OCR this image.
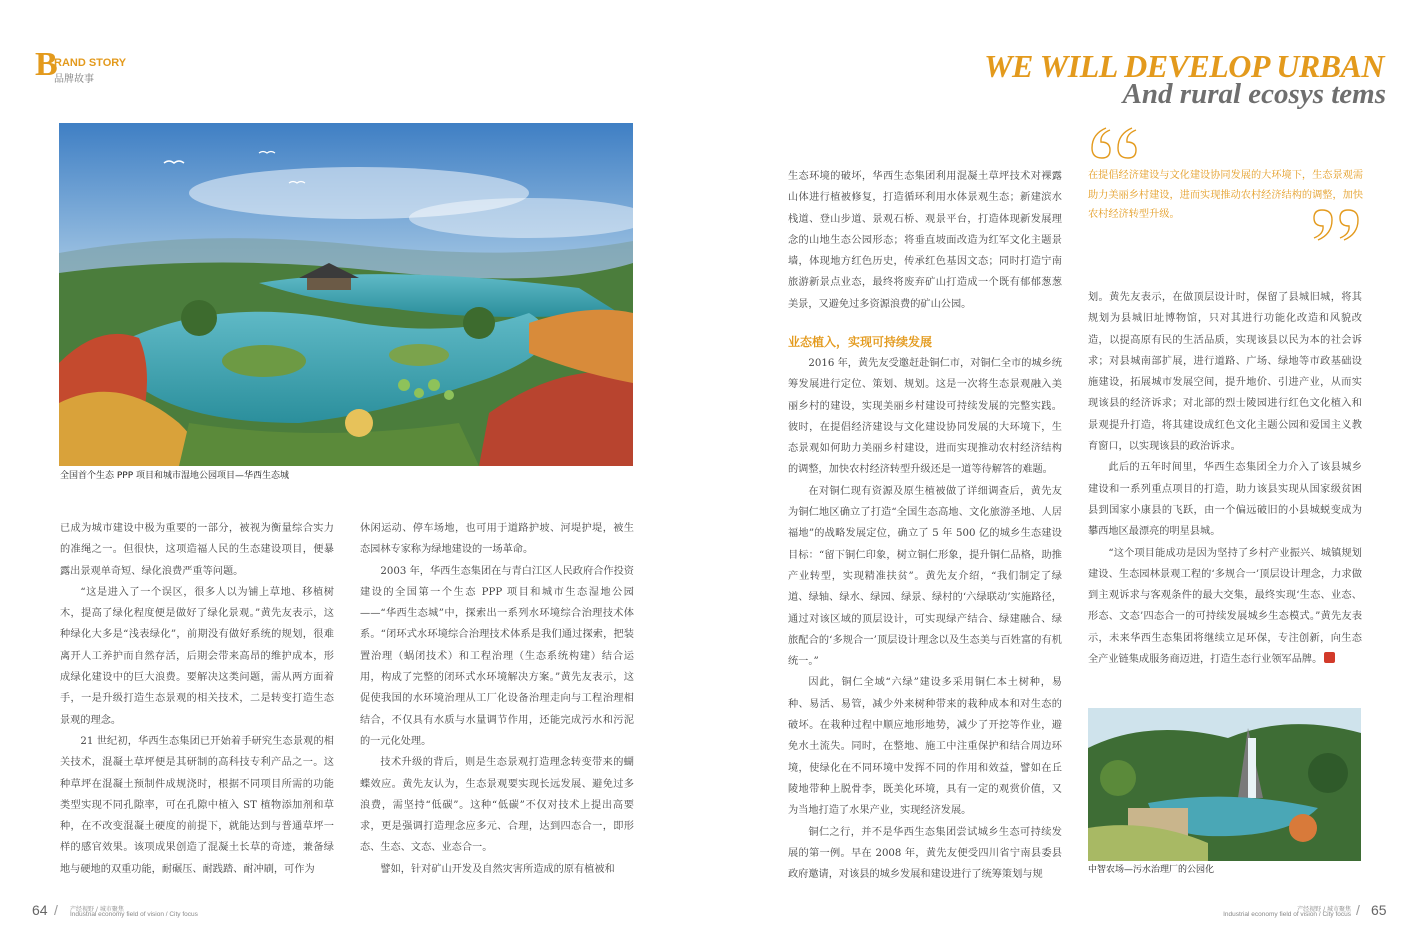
B
RAND STORY
品牌故事	WE WILL DEVELOP URBAN
And rural ecosys tems
全国首个生态 PPP 项目和城市湿地公园项目—华西生态城

已成为城市建设中极为重要的一部分，被视为衡量综合实力的准绳之一。但很快，这项造福人民的生态建设项目，便暴露出景观单奇短、绿化浪费严重等问题。

“这是进入了一个误区，很多人以为铺上草地、移植树木，提高了绿化程度便是做好了绿化景观。”黄先友表示，这种绿化大多是“浅表绿化”，前期没有做好系统的规划，很难离开人工养护而自然存活，后期会带来高昂的维护成本，形成绿化建设中的巨大浪费。要解决这类问题，需从两方面着手，一是升级打造生态景观的相关技术，二是转变打造生态景观的理念。

21 世纪初，华西生态集团已开始着手研究生态景观的相关技术，混凝土草坪便是其研制的高科技专利产品之一。这种草坪在混凝土预制件成规浇时，根据不同项目所需的功能类型实现不同孔隙率，可在孔隙中植入 ST 植物添加剂和草种，在不改变混凝土硬度的前提下，就能达到与普通草坪一样的感官效果。该项成果创造了混凝土长草的奇迹，兼备绿地与硬地的双重功能，耐碾压、耐践踏、耐冲刷，可作为

休闲运动、停车场地，也可用于道路护坡、河堤护堤，被生态园林专家称为绿地建设的一场革命。

2003 年，华西生态集团在与青白江区人民政府合作投资建设的全国第一个生态 PPP 项目和城市生态湿地公园——“华西生态城”中，探索出一系列水环境综合治理技术体系。“闭环式水环境综合治理技术体系是我们通过探索，把装置治理（蜗闭技术）和工程治理（生态系统构建）结合运用，构成了完整的闭环式水环境解决方案。”黄先友表示，这促使我国的水环境治理从工厂化设备治理走向与工程治理相结合，不仅具有水质与水量调节作用，还能完成污水和污泥的一元化处理。

技术升级的背后，则是生态景观打造理念转变带来的蝴蝶效应。黄先友认为，生态景观要实现长远发展、避免过多浪费，需坚持“低碳”。这种“低碳”不仅对技术上提出高要求，更是强调打造理念应多元、合理，达到四态合一，即形态、生态、文态、业态合一。

譬如，针对矿山开发及自然灾害所造成的原有植被和

生态环境的破坏，华西生态集团利用混凝土草坪技术对裸露山体进行植被修复，打造循环利用水体景观生态；新建滨水栈道、登山步道、景观石桥、观景平台，打造体现新发展理念的山地生态公园形态；将垂直坡面改造为红军文化主题景墙，体现地方红色历史，传承红色基因文态；同时打造宁南旅游新景点业态，最终将废弃矿山打造成一个既有郁郁葱葱美景，又避免过多资源浪费的矿山公园。

业态植入，实现可持续发展

2016 年，黄先友受邀赶赴铜仁市，对铜仁全市的城乡统筹发展进行定位、策划、规划。这是一次将生态景观融入美丽乡村的建设，实现美丽乡村建设可持续发展的完整实践。彼时，在提倡经济建设与文化建设协同发展的大环境下，生态景观如何助力美丽乡村建设，进而实现推动农村经济结构的调整，加快农村经济转型升级还是一道等待解答的难题。

在对铜仁现有资源及原生植被做了详细调查后，黄先友为铜仁地区确立了打造“全国生态高地、文化旅游圣地、人居福地”的战略发展定位，确立了 5 年 500 亿的城乡生态建设目标：“留下铜仁印象，树立铜仁形象，提升铜仁品格，助推产业转型，实现精准扶贫”。黄先友介绍，“我们制定了绿道、绿轴、绿水、绿园、绿景、绿村的‘六绿联动’实施路径，通过对该区域的顶层设计，可实现绿产结合、绿建融合、绿旅配合的‘多规合一’顶层设计理念以及生态美与百姓富的有机统一。”

因此，铜仁全域“六绿”建设多采用铜仁本土树种，易种、易活、易管，减少外来树种带来的栽种成本和对生态的破坏。在栽种过程中顺应地形地势，减少了开挖等作业，避免水土流失。同时，在整地、施工中注重保护和结合周边环境，使绿化在不同环境中发挥不同的作用和效益，譬如在丘陵地带种上脱骨李，既美化环境，具有一定的观赏价值，又为当地打造了水果产业，实现经济发展。

铜仁之行，并不是华西生态集团尝试城乡生态可持续发展的第一例。早在 2008 年，黄先友便受四川省宁南县委县政府邀请，对该县的城乡发展和建设进行了统筹策划与规

在提倡经济建设与文化建设协同发展的大环境下，生态景观需助力美丽乡村建设，进而实现推动农村经济结构的调整，加快农村经济转型升级。

划。黄先友表示，在做顶层设计时，保留了县城旧城，将其规划为县城旧址博物馆，只对其进行功能化改造和风貌改造，以提高原有民的生活品质，实现该县以民为本的社会诉求；对县城南部扩展，进行道路、广场、绿地等市政基础设施建设，拓展城市发展空间，提升地价、引进产业，从而实现该县的经济诉求；对北部的烈士陵园进行红色文化植入和景观提升打造，将其建设成红色文化主题公园和爱国主义教育窗口，以实现该县的政治诉求。

此后的五年时间里，华西生态集团全力介入了该县城乡建设和一系列重点项目的打造，助力该县实现从国家级贫困县到国家小康县的飞跃，由一个偏远破旧的小县城蜕变成为攀西地区最漂亮的明星县城。

“这个项目能成功是因为坚持了乡村产业振兴、城镇规划建设、生态园林景观工程的‘多规合一’顶层设计理念，力求做到主观诉求与客观条件的最大交集，最终实现‘生态、业态、形态、文态’四态合一的可持续发展城乡生态模式。”黄先友表示，未来华西生态集团将继续立足环保，专注创新，向生态全产业链集成服务商迈进，打造生态行业领军品牌。

中智农场—污水治理厂的公园化
64 / 产经视野 / 城市聚焦
Industrial economy field of vision / City focus
产经视野 / 城市聚焦
Industrial economy field of vision / City focus / 65
